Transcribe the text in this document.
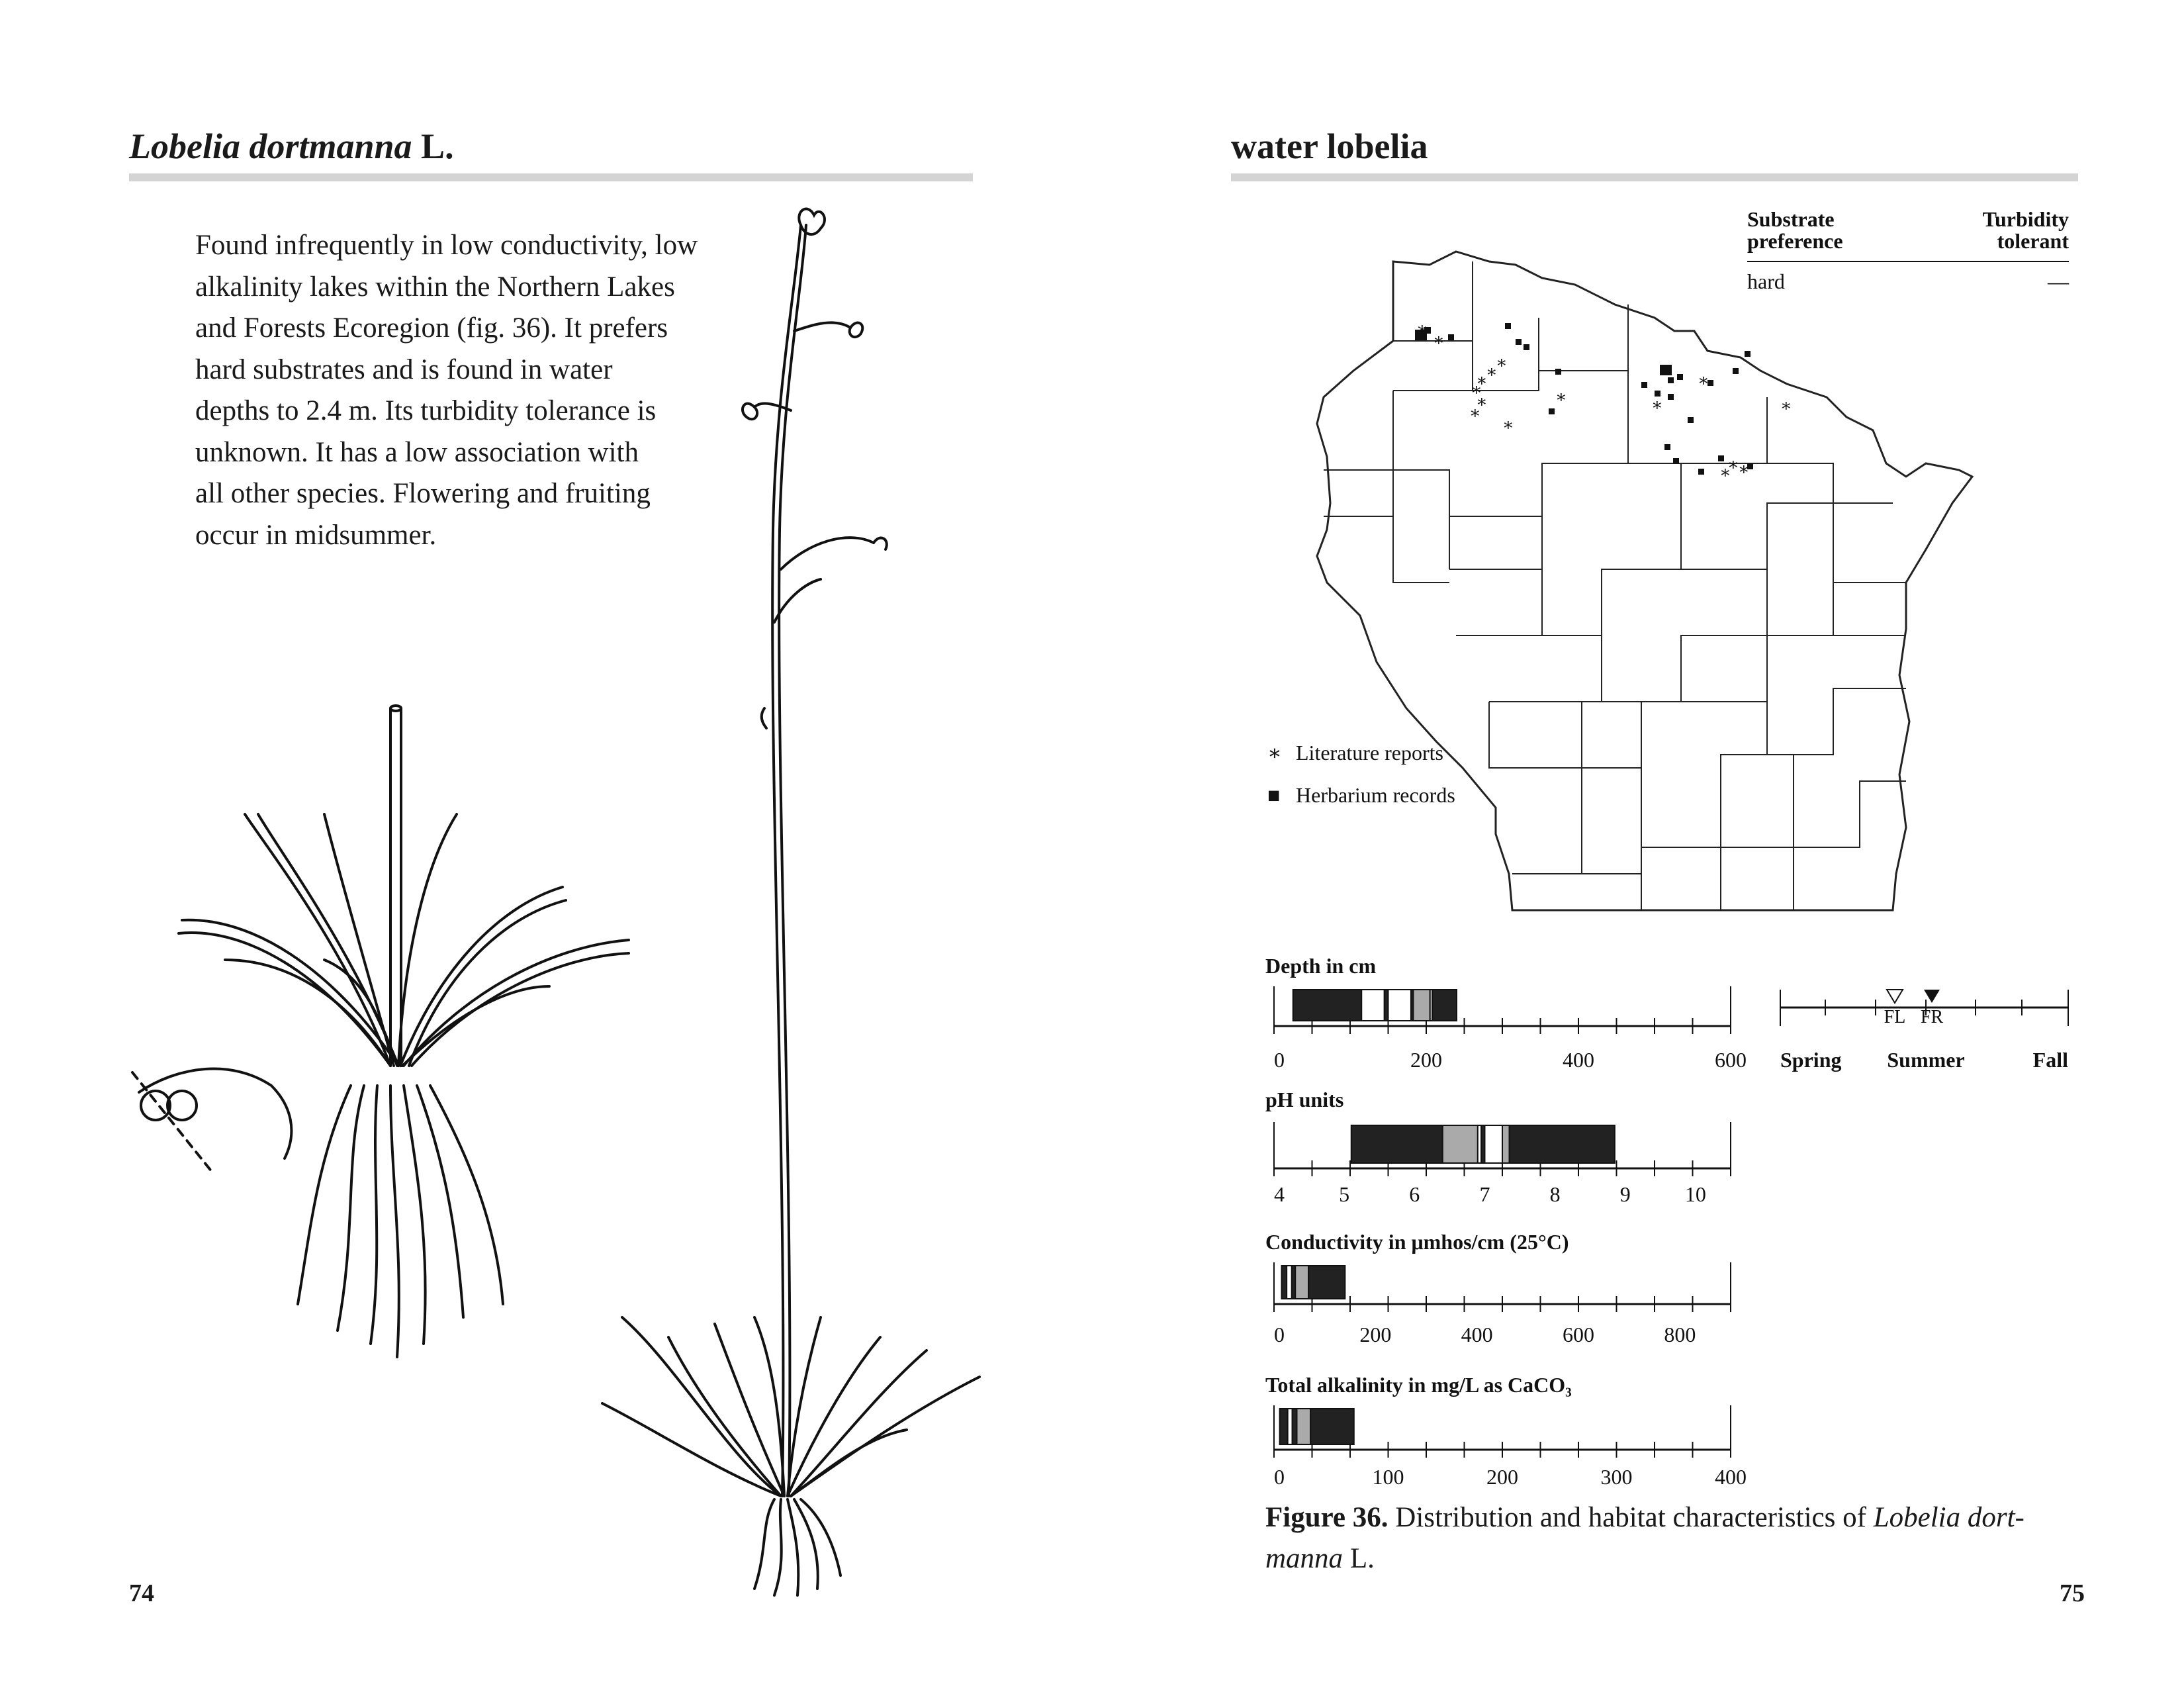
Lobelia dortmanna L.
Found infrequently in low conductivity, low
alkalinity lakes within the Northern Lakes
and Forests Ecoregion (fig. 36). It prefers
hard substrates and is found in water
depths to 2.4 m. Its turbidity tolerance is
unknown. It has a low association with
all other species. Flowering and fruiting
occur in midsummer.
74
water lobelia
75
∗
∗
∗
∗
∗
∗
∗
∗
∗
∗	∗
∗
∗
∗
∗
∗
Substrate
preference
Turbidity
tolerant
hard	—
∗ Literature reports
■ Herbarium records
FL FR
Spring Summer	Fall
Depth in cm
0	200	400	600
pH units
4	5	6	7	8	9	10
Conductivity in μmhos/cm (25°C)
0	200	400	600	800
Total alkalinity in mg/L as CaCO₃
0	100	200	300	400
Figure 36. Distribution and habitat characteristics of Lobelia dort-
manna L.
